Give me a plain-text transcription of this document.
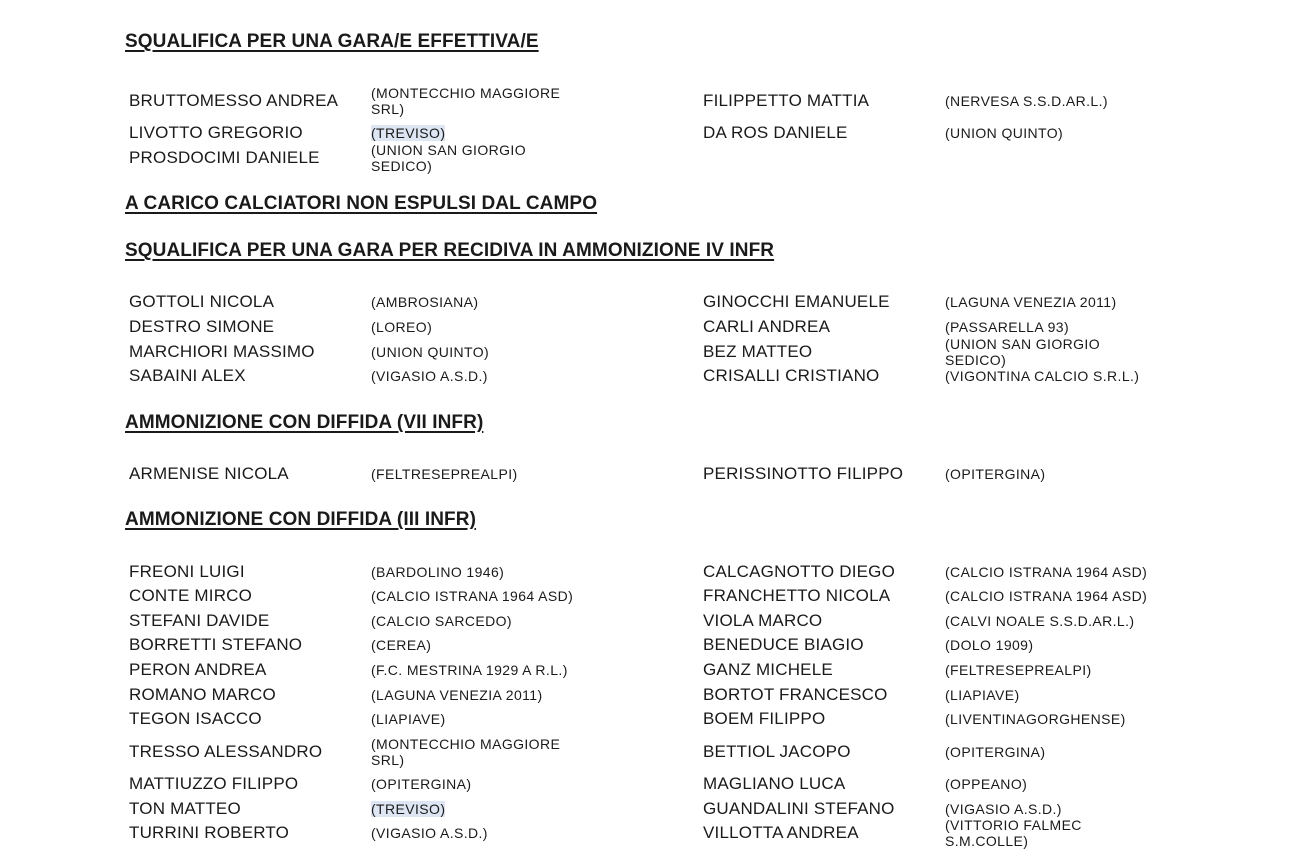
SQUALIFICA PER UNA GARA/E EFFETTIVA/E
A CARICO CALCIATORI NON ESPULSI DAL CAMPO
SQUALIFICA PER UNA GARA PER RECIDIVA IN AMMONIZIONE IV INFR
AMMONIZIONE CON DIFFIDA (VII INFR)
AMMONIZIONE CON DIFFIDA (III INFR)
BRUTTOMESSO ANDREA (MONTECCHIO MAGGIORE SRL)	FILIPPETTO MATTIA	(NERVESA S.S.D.AR.L.)
LIVOTTO GREGORIO	(TREVISO)	DA ROS DANIELE	(UNION QUINTO)
PROSDOCIMI DANIELE	(UNION SAN GIORGIO SEDICO)
GOTTOLI NICOLA	(AMBROSIANA)	GINOCCHI EMANUELE	(LAGUNA VENEZIA 2011)
DESTRO SIMONE	(LOREO)	CARLI ANDREA	(PASSARELLA 93)
MARCHIORI MASSIMO	(UNION QUINTO)	BEZ MATTEO	(UNION SAN GIORGIO SEDICO)
SABAINI ALEX	(VIGASIO A.S.D.)	CRISALLI CRISTIANO	(VIGONTINA CALCIO S.R.L.)
ARMENISE NICOLA	(FELTRESEPREALPI)	PERISSINOTTO FILIPPO	(OPITERGINA)
FREONI LUIGI	(BARDOLINO 1946)	CALCAGNOTTO DIEGO	(CALCIO ISTRANA 1964 ASD)
CONTE MIRCO	(CALCIO ISTRANA 1964 ASD)	FRANCHETTO NICOLA	(CALCIO ISTRANA 1964 ASD)
STEFANI DAVIDE	(CALCIO SARCEDO)	VIOLA MARCO	(CALVI NOALE S.S.D.AR.L.)
BORRETTI STEFANO	(CEREA)	BENEDUCE BIAGIO	(DOLO 1909)
PERON ANDREA	(F.C. MESTRINA 1929 A R.L.)	GANZ MICHELE	(FELTRESEPREALPI)
ROMANO MARCO	(LAGUNA VENEZIA 2011)	BORTOT FRANCESCO	(LIAPIAVE)
TEGON ISACCO	(LIAPIAVE)	BOEM FILIPPO	(LIVENTINAGORGHENSE)
TRESSO ALESSANDRO	(MONTECCHIO MAGGIORE SRL)	BETTIOL JACOPO	(OPITERGINA)
MATTIUZZO FILIPPO	(OPITERGINA)	MAGLIANO LUCA	(OPPEANO)
TON MATTEO	(TREVISO)	GUANDALINI STEFANO	(VIGASIO A.S.D.)
TURRINI ROBERTO	(VIGASIO A.S.D.)	VILLOTTA ANDREA	(VITTORIO FALMEC S.M.COLLE)
